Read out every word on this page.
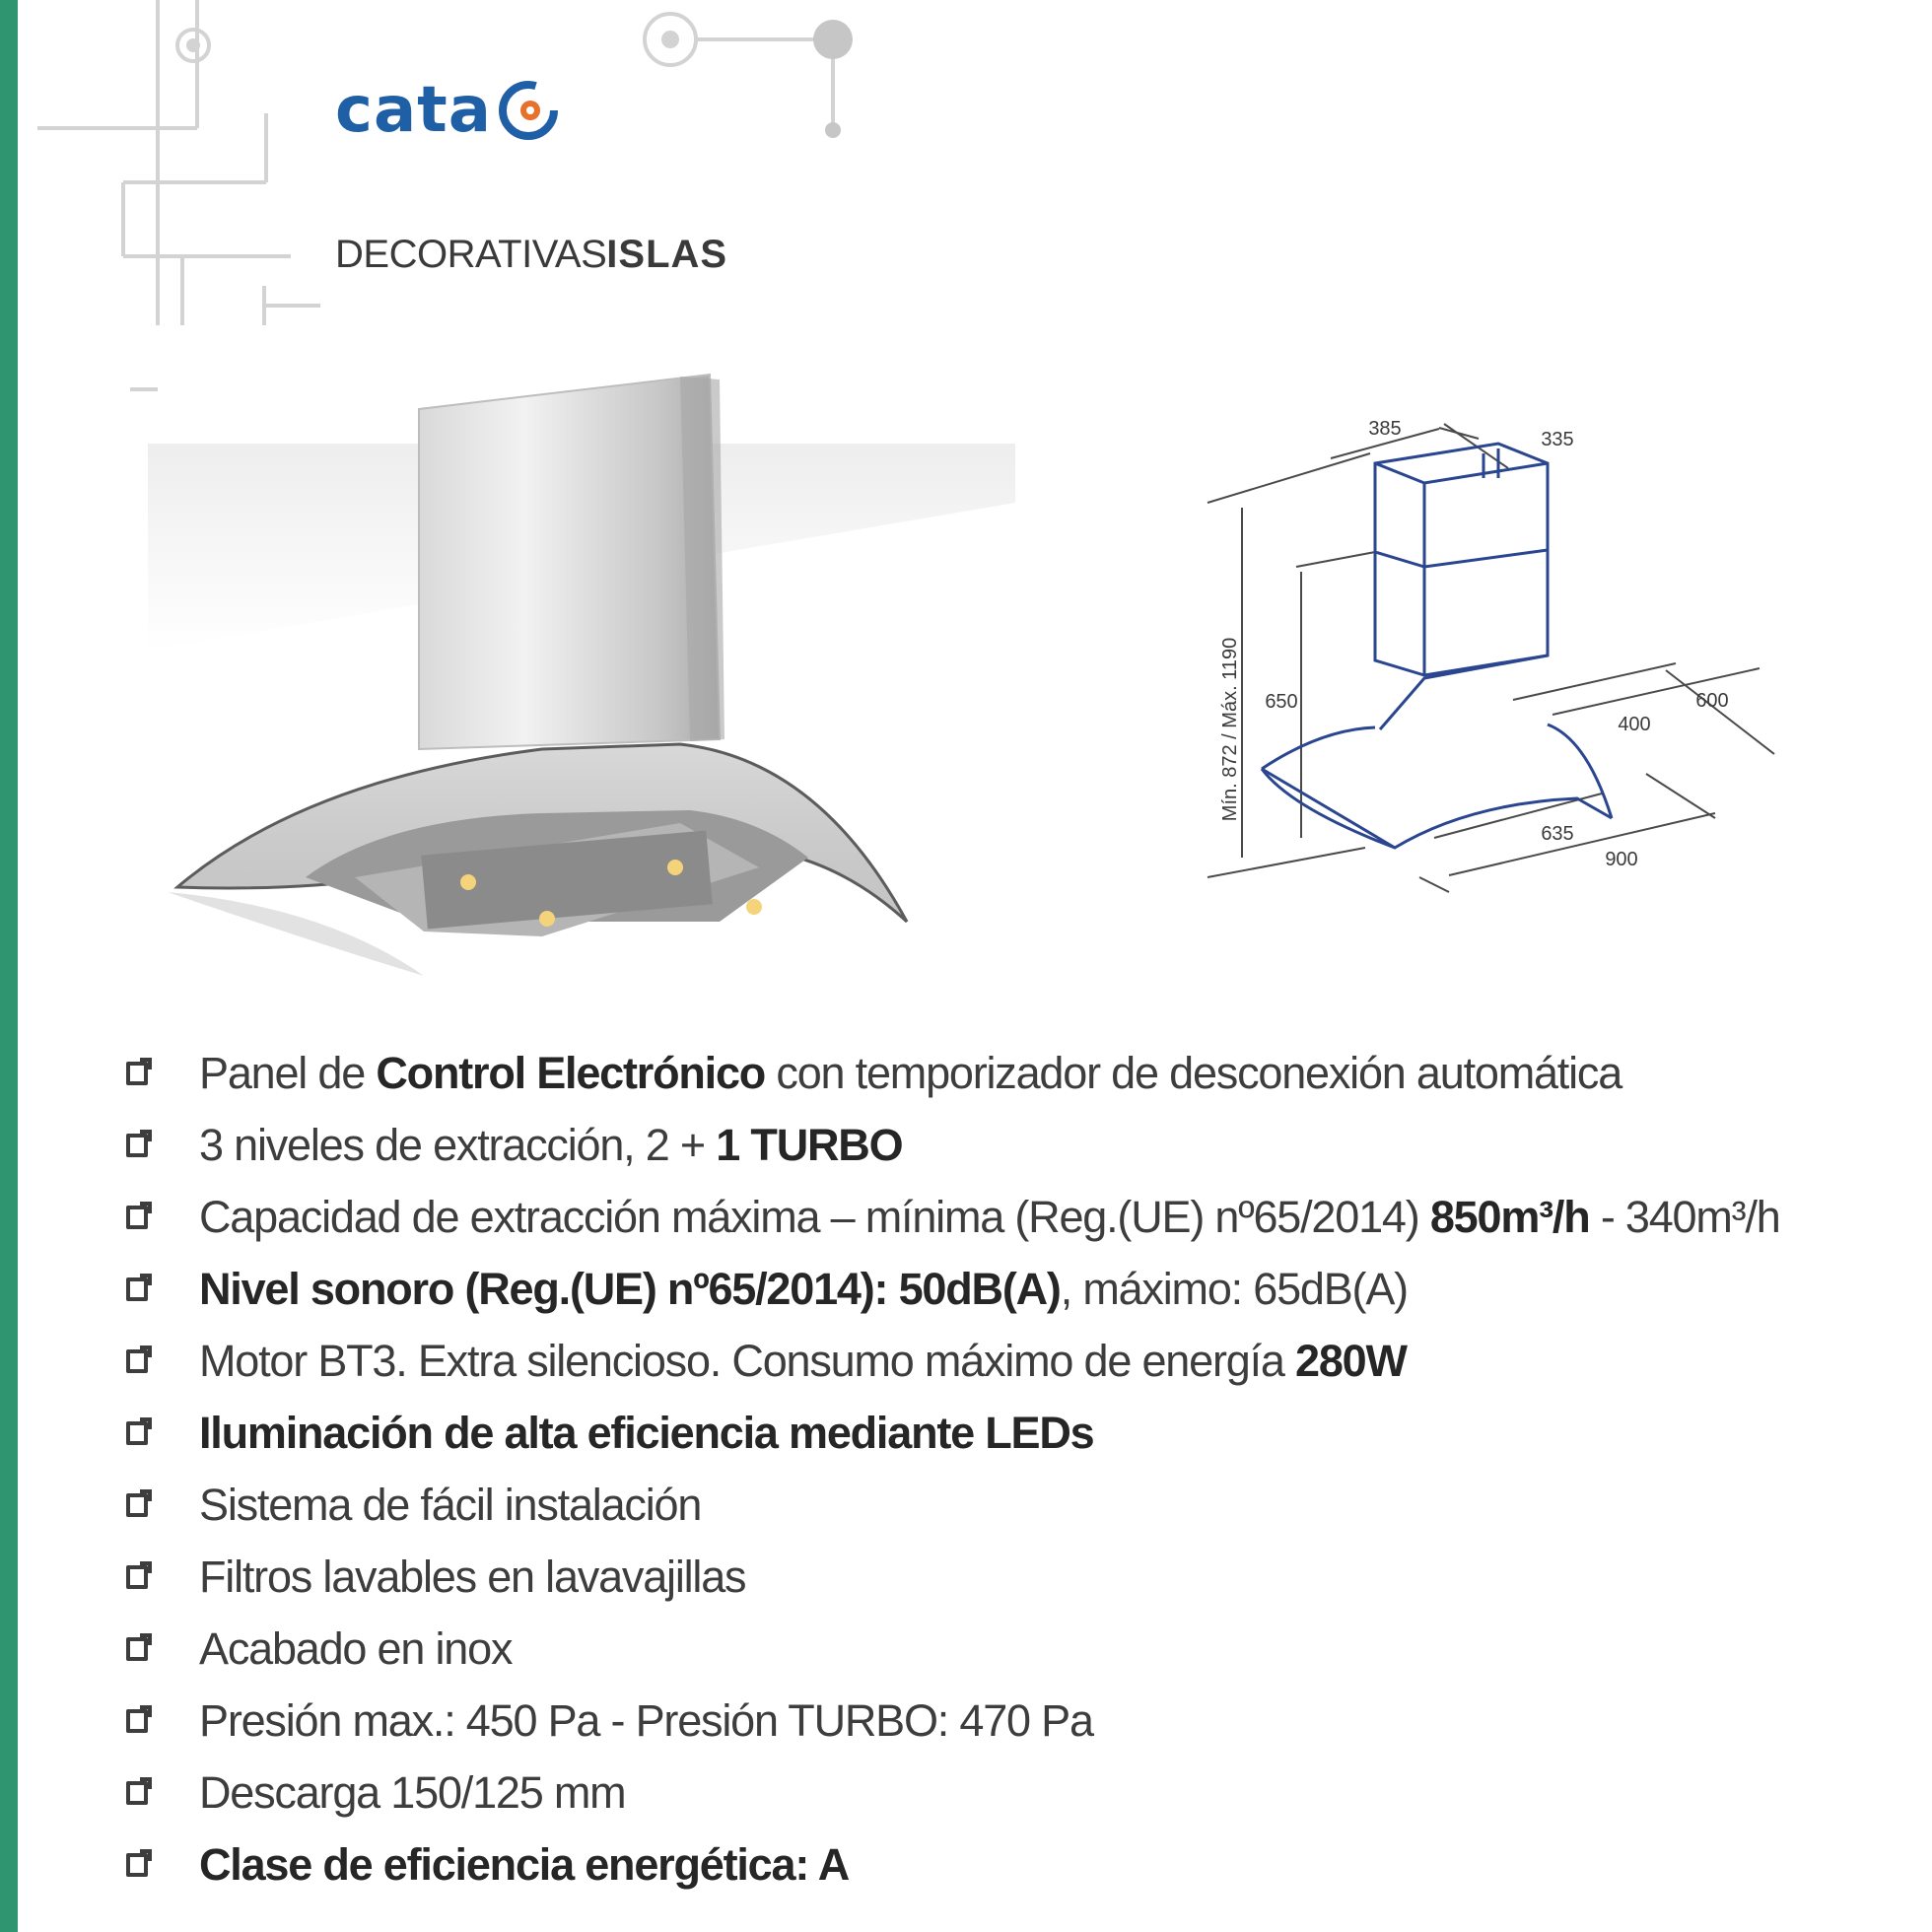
cata
DECORATIVASISLAS
385	335
Mín. 872 / Máx. 1190 650
400
600
635
900
Panel de Control Electrónico con temporizador de desconexión automática
3 niveles de extracción, 2 + 1 TURBO
Capacidad de extracción máxima – mínima (Reg.(UE) nº65/2014) 850m³/h - 340m³/h
Nivel sonoro (Reg.(UE) nº65/2014): 50dB(A), máximo: 65dB(A)
Motor BT3. Extra silencioso. Consumo máximo de energía 280W
Iluminación de alta eficiencia mediante LEDs
Sistema de fácil instalación
Filtros lavables en lavavajillas
Acabado en inox
Presión max.: 450 Pa - Presión TURBO: 470 Pa
Descarga 150/125 mm
Clase de eficiencia energética: A
